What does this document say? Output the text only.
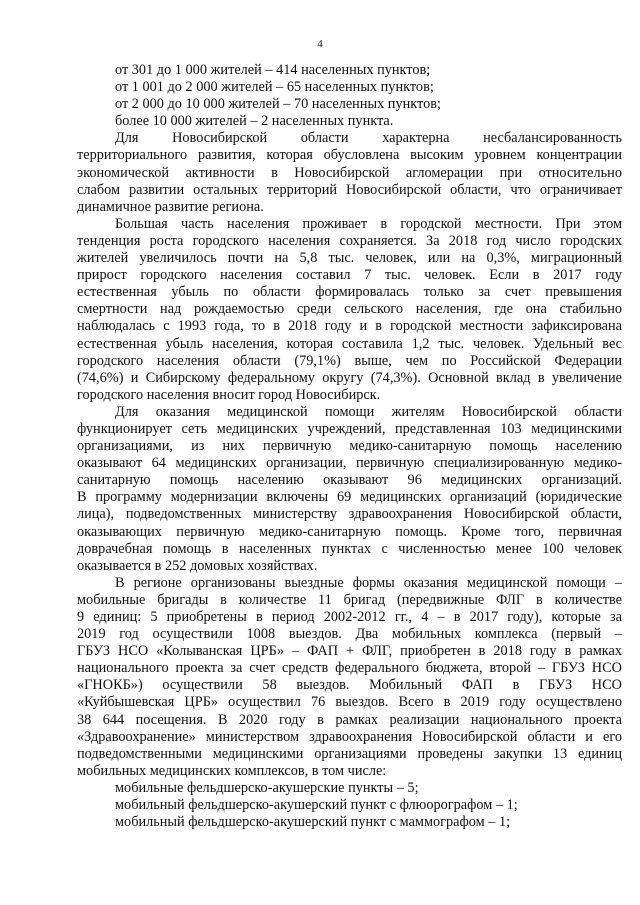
4
от 301 до 1 000 жителей – 414 населенных пунктов;
от 1 001 до 2 000 жителей – 65 населенных пунктов;
от 2 000 до 10 000 жителей – 70 населенных пунктов;
более 10 000 жителей – 2 населенных пункта.
Для Новосибирской области характерна несбалансированность
территориального развития, которая обусловлена высоким уровнем концентрации
экономической активности в Новосибирской агломерации при относительно
слабом развитии остальных территорий Новосибирской области, что ограничивает
динамичное развитие региона.
Большая часть населения проживает в городской местности. При этом
тенденция роста городского населения сохраняется. За 2018 год число городских
жителей увеличилось почти на 5,8 тыс. человек, или на 0,3%, миграционный
прирост городского населения составил 7 тыс. человек. Если в 2017 году
естественная убыль по области формировалась только за счет превышения
смертности над рождаемостью среди сельского населения, где она стабильно
наблюдалась с 1993 года, то в 2018 году и в городской местности зафиксирована
естественная убыль населения, которая составила 1,2 тыс. человек. Удельный вес
городского населения области (79,1%) выше, чем по Российской Федерации
(74,6%) и Сибирскому федеральному округу (74,3%). Основной вклад в увеличение
городского населения вносит город Новосибирск.
Для оказания медицинской помощи жителям Новосибирской области
функционирует сеть медицинских учреждений, представленная 103 медицинскими
организациями, из них первичную медико-санитарную помощь населению
оказывают 64 медицинских организации, первичную специализированную медико-
санитарную помощь населению оказывают 96 медицинских организаций.
В программу модернизации включены 69 медицинских организаций (юридические
лица), подведомственных министерству здравоохранения Новосибирской области,
оказывающих первичную медико-санитарную помощь. Кроме того, первичная
доврачебная помощь в населенных пунктах с численностью менее 100 человек
оказывается в 252 домовых хозяйствах.
В регионе организованы выездные формы оказания медицинской помощи –
мобильные бригады в количестве 11 бригад (передвижные ФЛГ в количестве
9 единиц: 5 приобретены в период 2002-2012 гг., 4 – в 2017 году), которые за
2019 год осуществили 1008 выездов. Два мобильных комплекса (первый –
ГБУЗ НСО «Колыванская ЦРБ» – ФАП + ФЛГ, приобретен в 2018 году в рамках
национального проекта за счет средств федерального бюджета, второй – ГБУЗ НСО
«ГНОКБ») осуществили 58 выездов. Мобильный ФАП в ГБУЗ НСО
«Куйбышевская ЦРБ» осуществил 76 выездов. Всего в 2019 году осуществлено
38 644 посещения. В 2020 году в рамках реализации национального проекта
«Здравоохранение» министерством здравоохранения Новосибирской области и его
подведомственными медицинскими организациями проведены закупки 13 единиц
мобильных медицинских комплексов, в том числе:
мобильные фельдшерско-акушерские пункты – 5;
мобильный фельдшерско-акушерский пункт с флюорографом – 1;
мобильный фельдшерско-акушерский пункт с маммографом – 1;
